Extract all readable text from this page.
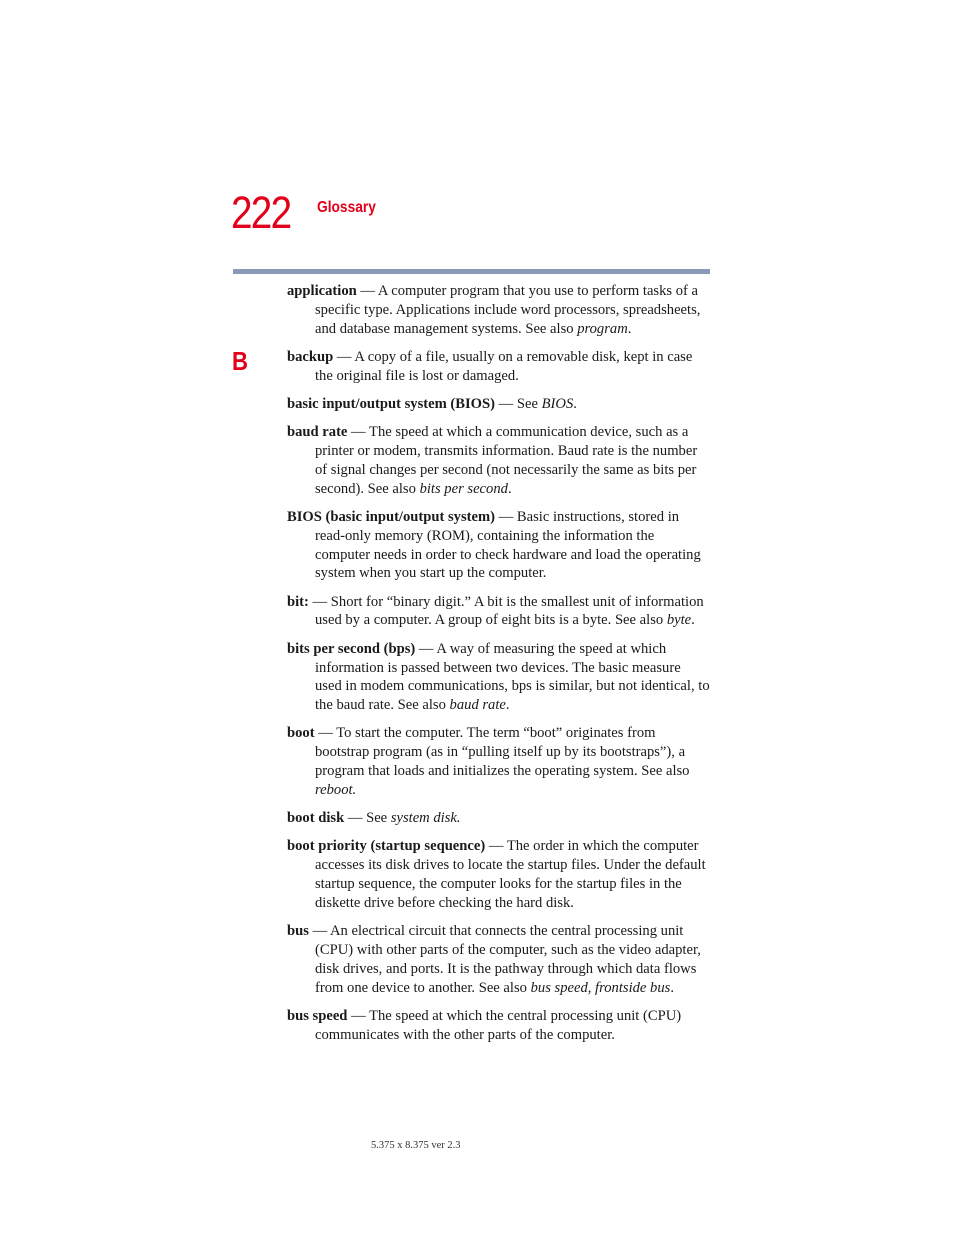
222 Glossary
B

application — A computer program that you use to perform tasks of a specific type. Applications include word processors, spreadsheets, and database management systems. See also program.

backup — A copy of a file, usually on a removable disk, kept in case the original file is lost or damaged.

basic input/output system (BIOS) — See BIOS.

baud rate — The speed at which a communication device, such as a printer or modem, transmits information. Baud rate is the number of signal changes per second (not necessarily the same as bits per second). See also bits per second.

BIOS (basic input/output system) — Basic instructions, stored in read-only memory (ROM), containing the information the computer needs in order to check hardware and load the operating system when you start up the computer.

bit: — Short for “binary digit.” A bit is the smallest unit of information used by a computer. A group of eight bits is a byte. See also byte.

bits per second (bps) — A way of measuring the speed at which information is passed between two devices. The basic measure used in modem communications, bps is similar, but not identical, to the baud rate. See also baud rate.

boot — To start the computer. The term “boot” originates from bootstrap program (as in “pulling itself up by its bootstraps”), a program that loads and initializes the operating system. See also reboot.

boot disk — See system disk.

boot priority (startup sequence) — The order in which the computer accesses its disk drives to locate the startup files. Under the default startup sequence, the computer looks for the startup files in the diskette drive before checking the hard disk.

bus — An electrical circuit that connects the central processing unit (CPU) with other parts of the computer, such as the video adapter, disk drives, and ports. It is the pathway through which data flows from one device to another. See also bus speed, frontside bus.

bus speed — The speed at which the central processing unit (CPU) communicates with the other parts of the computer.

5.375 x 8.375 ver 2.3
